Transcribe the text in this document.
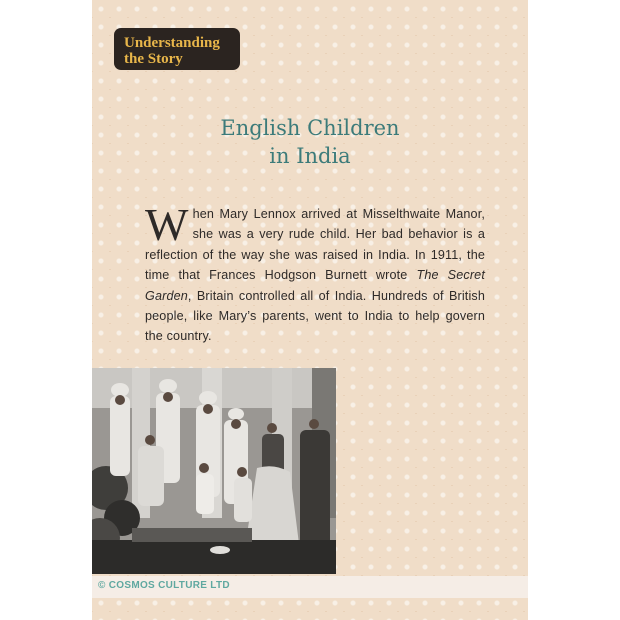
Understanding
the Story
English Children
in India
When Mary Lennox arrived at Misselthwaite Manor, she was a very rude child. Her bad behavior is a reflection of the way she was raised in India. In 1911, the time that Frances Hodgson Burnett wrote The Secret Garden, Britain controlled all of India. Hundreds of British people, like Mary’s parents, went to India to help govern the country.
© COSMOS CULTURE LTD
